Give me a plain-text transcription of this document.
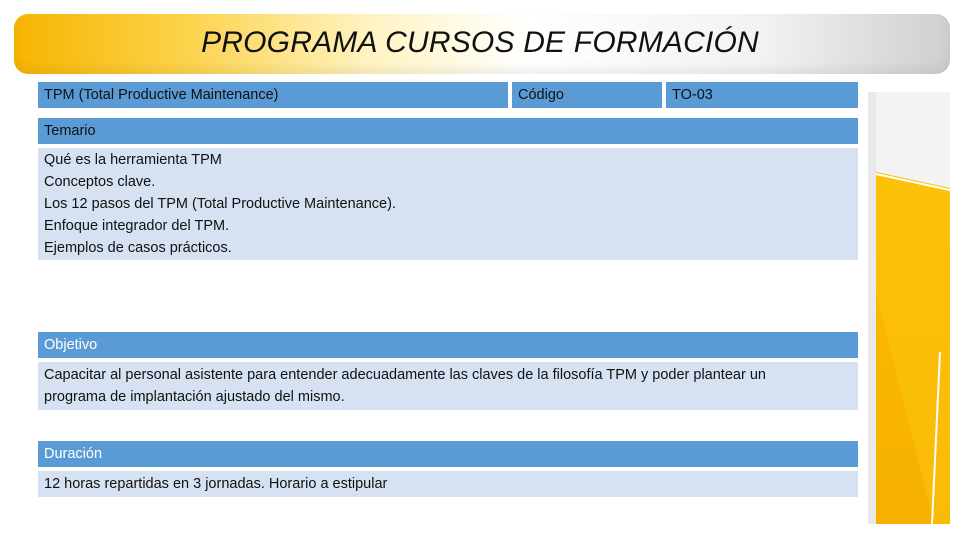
PROGRAMA CURSOS DE FORMACIÓN
TPM (Total Productive Maintenance)	Código	TO-03
Temario
Qué es la herramienta TPM
Conceptos clave.
Los 12 pasos del TPM (Total Productive Maintenance).
Enfoque integrador del TPM.
Ejemplos de casos prácticos.
Objetivo
Capacitar al personal asistente para entender adecuadamente las claves de la filosofía TPM y poder plantear un programa de implantación ajustado del mismo.
Duración
12 horas repartidas en 3 jornadas. Horario a estipular
